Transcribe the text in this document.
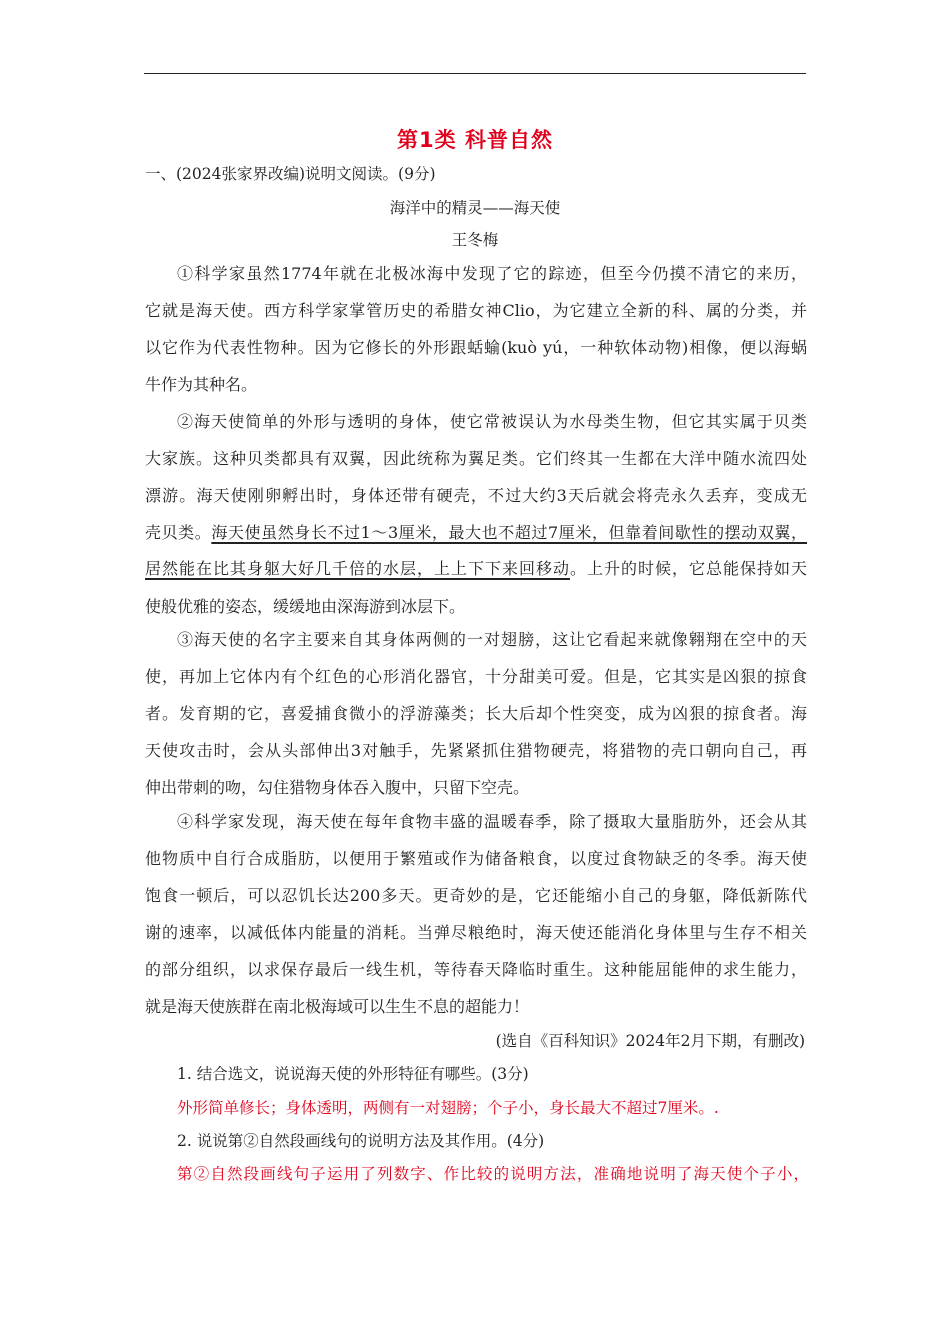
第1类 科普自然
一、(2024张家界改编)说明文阅读。(9分)
海洋中的精灵——海天使
王冬梅
①科学家虽然1774年就在北极冰海中发现了它的踪迹，但至今仍摸不清它的来历，
它就是海天使。西方科学家掌管历史的希腊女神Clio，为它建立全新的科、属的分类，并
以它作为代表性物种。因为它修长的外形跟蛞蝓(kuò yú，一种软体动物)相像，便以海蜗
牛作为其种名。
②海天使简单的外形与透明的身体，使它常被误认为水母类生物，但它其实属于贝类
大家族。这种贝类都具有双翼，因此统称为翼足类。它们终其一生都在大洋中随水流四处
漂游。海天使刚卵孵出时，身体还带有硬壳，不过大约3天后就会将壳永久丢弃，变成无
壳贝类。海天使虽然身长不过1～3厘米，最大也不超过7厘米，但靠着间歇性的摆动双翼，
居然能在比其身躯大好几千倍的水层，上上下下来回移动。上升的时候，它总能保持如天
使般优雅的姿态，缓缓地由深海游到冰层下。
③海天使的名字主要来自其身体两侧的一对翅膀，这让它看起来就像翱翔在空中的天
使，再加上它体内有个红色的心形消化器官，十分甜美可爱。但是，它其实是凶狠的掠食
者。发育期的它，喜爱捕食微小的浮游藻类；长大后却个性突变，成为凶狠的掠食者。海
天使攻击时，会从头部伸出3对触手，先紧紧抓住猎物硬壳，将猎物的壳口朝向自己，再
伸出带刺的吻，勾住猎物身体吞入腹中，只留下空壳。
④科学家发现，海天使在每年食物丰盛的温暖春季，除了摄取大量脂肪外，还会从其
他物质中自行合成脂肪，以便用于繁殖或作为储备粮食，以度过食物缺乏的冬季。海天使
饱食一顿后，可以忍饥长达200多天。更奇妙的是，它还能缩小自己的身躯，降低新陈代
谢的速率，以减低体内能量的消耗。当弹尽粮绝时，海天使还能消化身体里与生存不相关
的部分组织，以求保存最后一线生机，等待春天降临时重生。这种能屈能伸的求生能力，
就是海天使族群在南北极海域可以生生不息的超能力！
(选自《百科知识》2024年2月下期，有删改)
1. 结合选文，说说海天使的外形特征有哪些。(3分)
外形简单修长；身体透明，两侧有一对翅膀；个子小，身长最大不超过7厘米。.
2. 说说第②自然段画线句的说明方法及其作用。(4分)
第②自然段画线句子运用了列数字、作比较的说明方法，准确地说明了海天使个子小，
